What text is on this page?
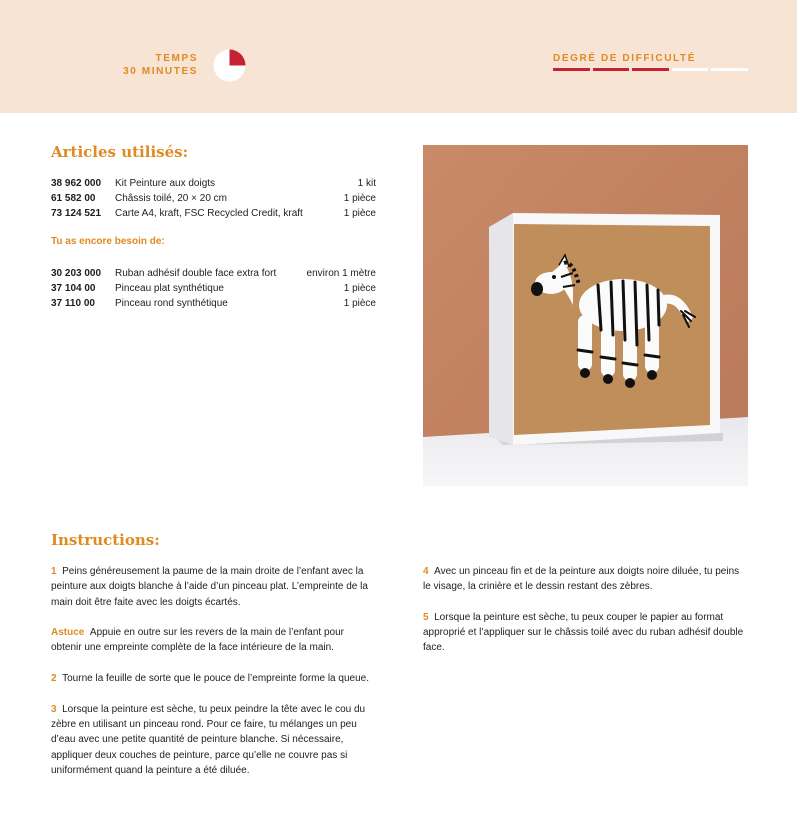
TEMPS
30 MINUTES
DEGRÉ DE DIFFICULTÉ
Articles utilisés:
38 962 000	Kit Peinture aux doigts	1 kit
61 582 00	Châssis toilé, 20 × 20 cm	1 pièce
73 124 521	Carte A4, kraft, FSC Recycled Credit, kraft	1 pièce
Tu as encore besoin de:
30 203 000	Ruban adhésif double face extra fort	environ 1 mètre
37 104 00	Pinceau plat synthétique	1 pièce
37 110 00	Pinceau rond synthétique	1 pièce
Instructions:

1 Peins généreusement la paume de la main droite de l’enfant avec la peinture aux doigts blanche à l’aide d’un pinceau plat. L’empreinte de la main doit être faite avec les doigts écartés.

Astuce Appuie en outre sur les revers de la main de l’enfant pour obtenir une empreinte complète de la face intérieure de la main.

2 Tourne la feuille de sorte que le pouce de l’empreinte forme la queue.

3 Lorsque la peinture est sèche, tu peux peindre la tête avec le cou du zèbre en utilisant un pinceau rond. Pour ce faire, tu mélanges un peu d’eau avec une petite quantité de peinture blanche. Si nécessaire, appliquer deux couches de peinture, parce qu’elle ne couvre pas si uniformément quand la peinture a été diluée.

4 Avec un pinceau fin et de la peinture aux doigts noire diluée, tu peins le visage, la crinière et le dessin restant des zèbres.

5 Lorsque la peinture est sèche, tu peux couper le papier au format approprié et l’appliquer sur le châssis toilé avec du ruban adhésif double face.
